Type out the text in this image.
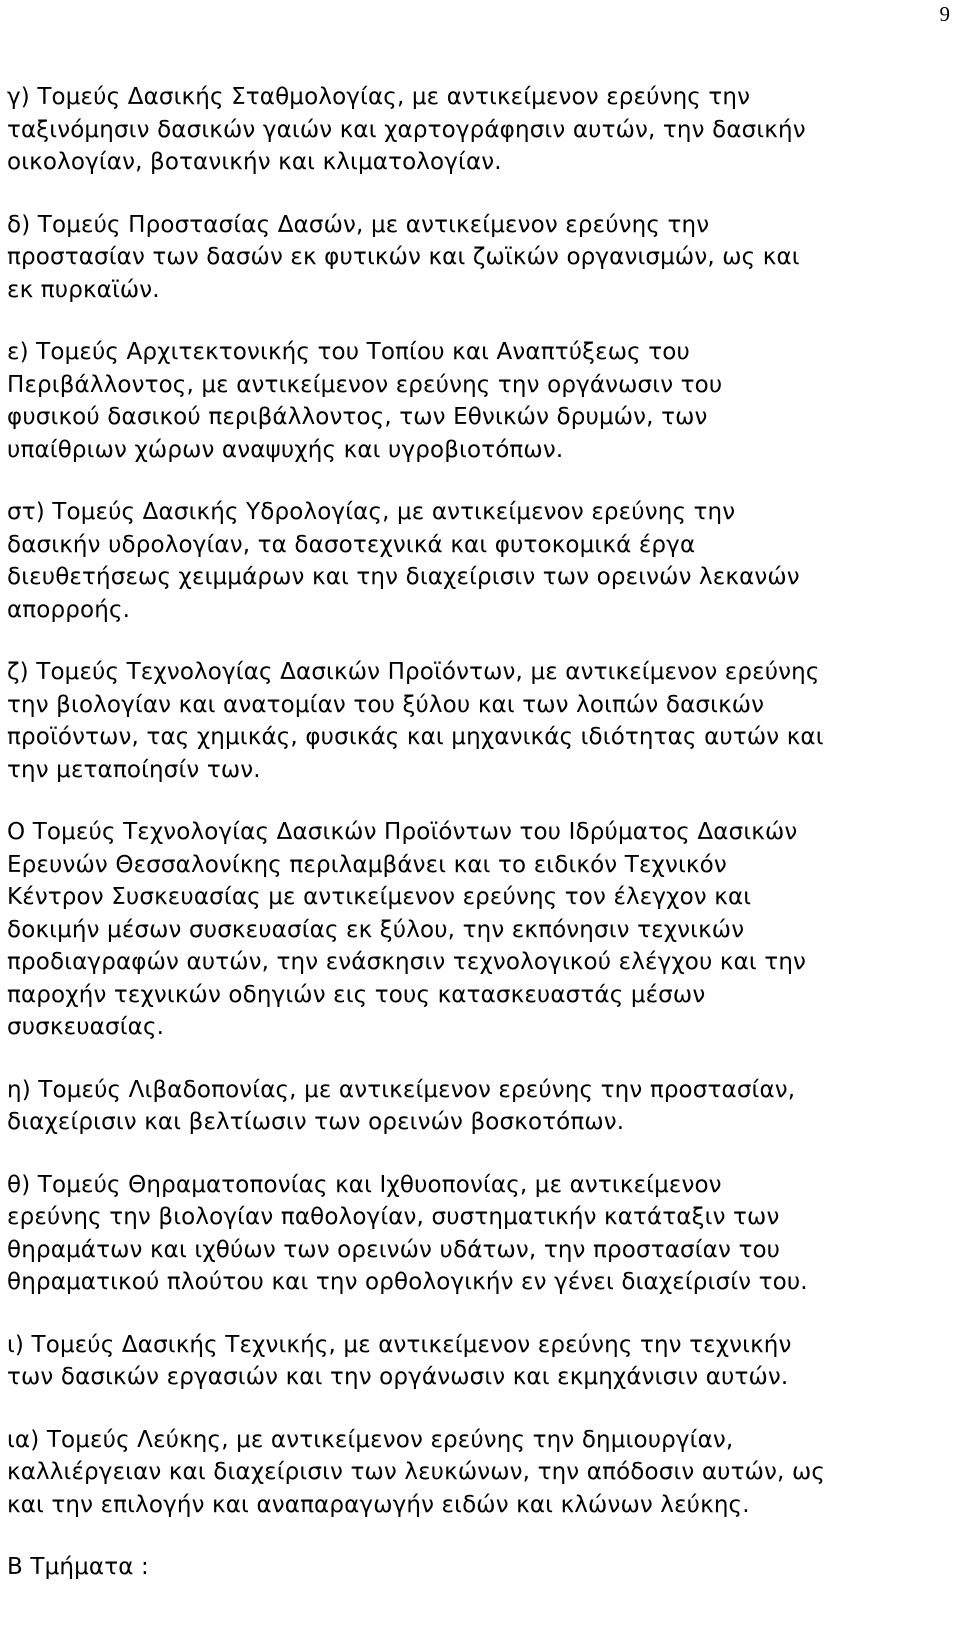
9
γ) Τομεύς Δασικής Σταθμολογίας, με αντικείμενον ερεύνης την
ταξινόμησιν δασικών γαιών και χαρτογράφησιν αυτών, την δασικήν
οικολογίαν, βοτανικήν και κλιματολογίαν.
δ) Τομεύς Προστασίας Δασών, με αντικείμενον ερεύνης την
προστασίαν των δασών εκ φυτικών και ζωϊκών οργανισμών, ως και
εκ πυρκαϊών.
ε) Τομεύς Αρχιτεκτονικής του Τοπίου και Αναπτύξεως του
Περιβάλλοντος, με αντικείμενον ερεύνης την οργάνωσιν του
φυσικού δασικού περιβάλλοντος, των Εθνικών δρυμών, των
υπαίθριων χώρων αναψυχής και υγροβιοτόπων.
στ) Τομεύς Δασικής Υδρολογίας, με αντικείμενον ερεύνης την
δασικήν υδρολογίαν, τα δασοτεχνικά και φυτοκομικά έργα
διευθετήσεως χειμμάρων και την διαχείρισιν των ορεινών λεκανών
απορροής.
ζ) Τομεύς Τεχνολογίας Δασικών Προϊόντων, με αντικείμενον ερεύνης
την βιολογίαν και ανατομίαν του ξύλου και των λοιπών δασικών
προϊόντων, τας χημικάς, φυσικάς και μηχανικάς ιδιότητας αυτών και
την μεταποίησίν των.
Ο Τομεύς Τεχνολογίας Δασικών Προϊόντων του Ιδρύματος Δασικών
Ερευνών Θεσσαλονίκης περιλαμβάνει και το ειδικόν Τεχνικόν
Κέντρον Συσκευασίας με αντικείμενον ερεύνης τον έλεγχον και
δοκιμήν μέσων συσκευασίας εκ ξύλου, την εκπόνησιν τεχνικών
προδιαγραφών αυτών, την ενάσκησιν τεχνολογικού ελέγχου και την
παροχήν τεχνικών οδηγιών εις τους κατασκευαστάς μέσων
συσκευασίας.
η) Τομεύς Λιβαδοπονίας, με αντικείμενον ερεύνης την προστασίαν,
διαχείρισιν και βελτίωσιν των ορεινών βοσκοτόπων.
θ) Τομεύς Θηραματοπονίας και Ιχθυοπονίας, με αντικείμενον
ερεύνης την βιολογίαν παθολογίαν, συστηματικήν κατάταξιν των
θηραμάτων και ιχθύων των ορεινών υδάτων, την προστασίαν του
θηραματικού πλούτου και την ορθολογικήν εν γένει διαχείρισίν του.
ι) Τομεύς Δασικής Τεχνικής, με αντικείμενον ερεύνης την τεχνικήν
των δασικών εργασιών και την οργάνωσιν και εκμηχάνισιν αυτών.
ια) Τομεύς Λεύκης, με αντικείμενον ερεύνης την δημιουργίαν,
καλλιέργειαν και διαχείρισιν των λευκώνων, την απόδοσιν αυτών, ως
και την επιλογήν και αναπαραγωγήν ειδών και κλώνων λεύκης.
Β Τμήματα :
